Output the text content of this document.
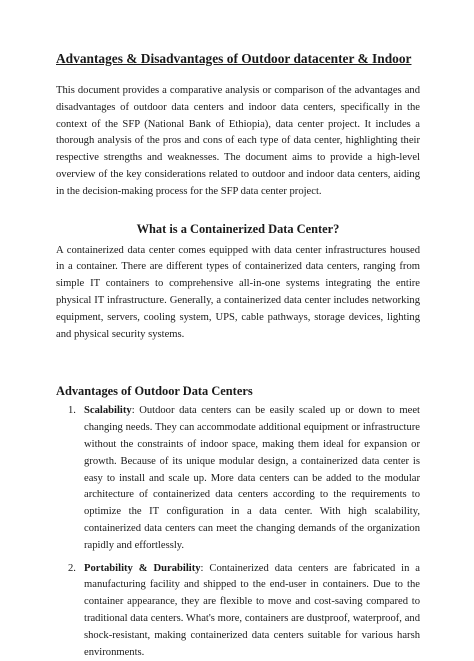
Advantages & Disadvantages of Outdoor datacenter & Indoor

This document provides a comparative analysis or comparison of the advantages and disadvantages of outdoor data centers and indoor data centers, specifically in the context of the SFP (National Bank of Ethiopia), data center project. It includes a thorough analysis of the pros and cons of each type of data center, highlighting their respective strengths and weaknesses. The document aims to provide a high-level overview of the key considerations related to outdoor and indoor data centers, aiding in the decision-making process for the SFP data center project.

What is a Containerized Data Center?

A containerized data center comes equipped with data center infrastructures housed in a container. There are different types of containerized data centers, ranging from simple IT containers to comprehensive all-in-one systems integrating the entire physical IT infrastructure. Generally, a containerized data center includes networking equipment, servers, cooling system, UPS, cable pathways, storage devices, lighting and physical security systems.

Advantages of Outdoor Data Centers
1. Scalability: Outdoor data centers can be easily scaled up or down to meet changing needs. They can accommodate additional equipment or infrastructure without the constraints of indoor space, making them ideal for expansion or growth. Because of its unique modular design, a containerized data center is easy to install and scale up. More data centers can be added to the modular architecture of containerized data centers according to the requirements to optimize the IT configuration in a data center. With high scalability, containerized data centers can meet the changing demands of the organization rapidly and effortlessly.

2. Portability & Durability: Containerized data centers are fabricated in a manufacturing facility and shipped to the end-user in containers. Due to the container appearance, they are flexible to move and cost-saving compared to traditional data centers. What's more, containers are dustproof, waterproof, and shock-resistant, making containerized data centers suitable for various harsh environments.
